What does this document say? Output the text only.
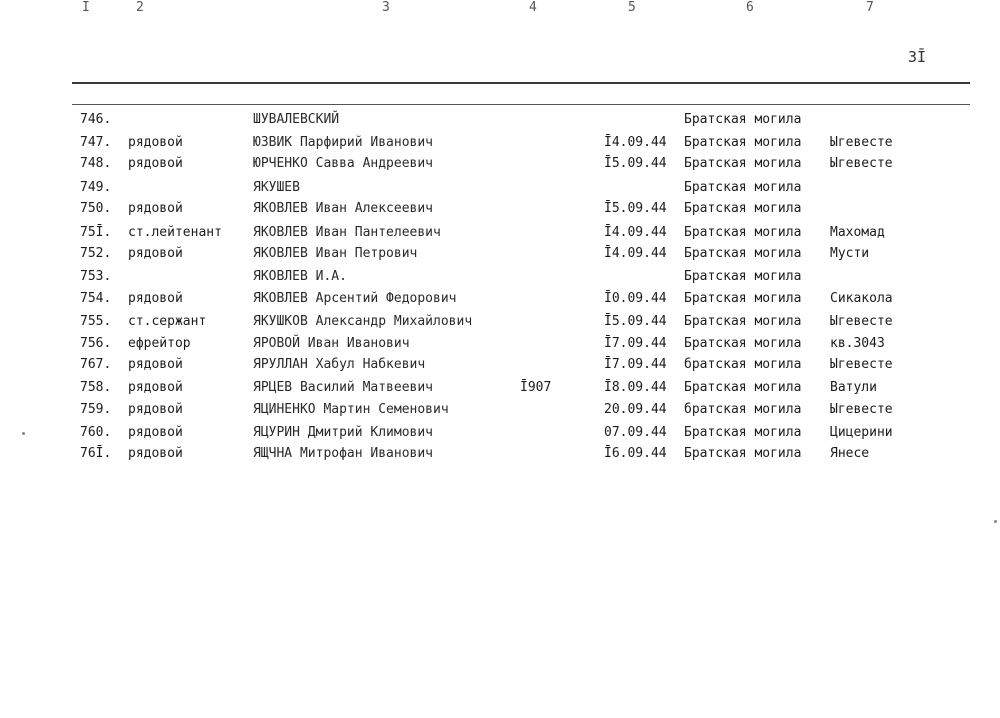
3Ī
Ī	2	3	4	5	6	7
746.	ШУВАЛЕВСКИЙ	Братская могила
747. рядовой	ЮЗВИК Парфирий Иванович	Ī4.09.44 Братская могила Ыгевесте
748. рядовой	ЮРЧЕНКО Савва Андреевич	Ī5.09.44 Братская могила Ыгевесте
749.	ЯКУШЕВ	Братская могила
750. рядовой	ЯКОВЛЕВ Иван Алексеевич	Ī5.09.44 Братская могила
75Ī. ст.лейтенант ЯКОВЛЕВ Иван Пантелеевич	Ī4.09.44 Братская могила Махомад
752. рядовой	ЯКОВЛЕВ Иван Петрович	Ī4.09.44 Братская могила Мусти
753.	ЯКОВЛЕВ И.А.	Братская могила
754. рядовой	ЯКОВЛЕВ Арсентий Федорович	Ī0.09.44 Братская могила Сикакола
755. ст.сержант	ЯКУШКОВ Александр Михайлович	Ī5.09.44 Братская могила Ыгевесте
756. ефрейтор	ЯРОВОЙ Иван Иванович	Ī7.09.44 Братская могила кв.3043
767. рядовой	ЯРУЛЛАН Хабул Набкевич	Ī7.09.44 братская могила Ыгевесте
758. рядовой	ЯРЦЕВ Василий Матвеевич	Ī907	Ī8.09.44 Братская могила Ватули
759. рядовой	ЯЦИНЕНКО Мартин Семенович	20.09.44 братская могила Ыгевесте
760. рядовой	ЯЦУРИН Дмитрий Климович	07.09.44 Братская могила Цицерини
76Ī. рядовой	ЯЩЧНА Митрофан Иванович	Ī6.09.44 Братская могила Янесе
